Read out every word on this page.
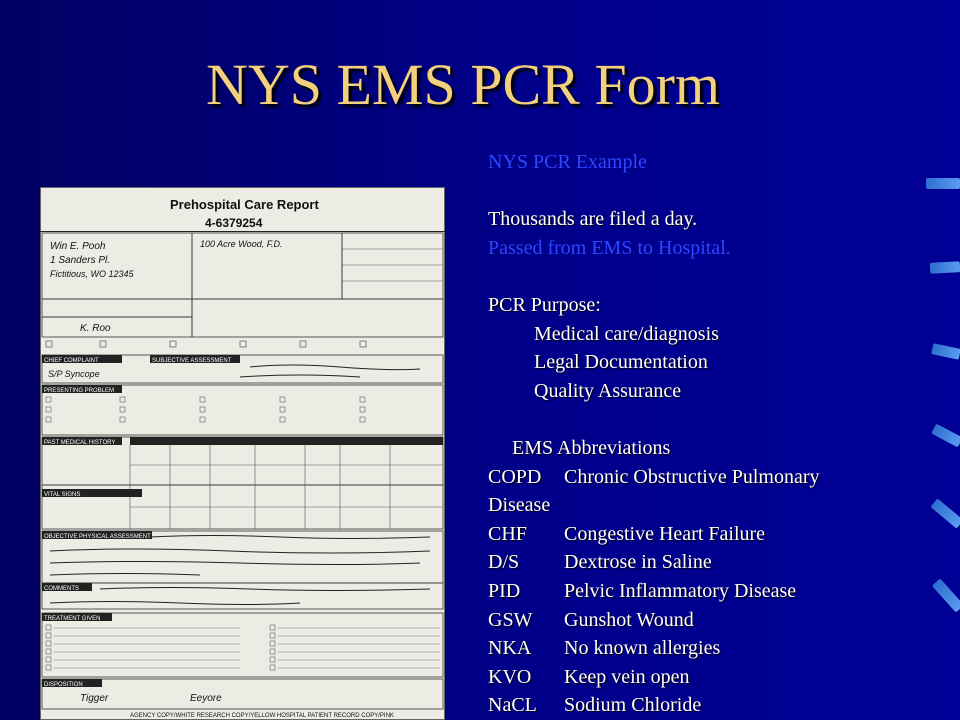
NYS EMS PCR Form
Prehospital Care Report
4-6379254
Win E. Pooh
1 Sanders Pl.
Fictitious, WO 12345
100 Acre Wood, F.D.
K. Roo
CHIEF COMPLAINT	SUBJECTIVE ASSESSMENT
S/P Syncope
PRESENTING PROBLEM
PAST MEDICAL HISTORY
VITAL SIGNS
OBJECTIVE PHYSICAL ASSESSMENT
COMMENTS
TREATMENT GIVEN
DISPOSITION
Tigger	Eeyore
AGENCY COPY/WHITE RESEARCH COPY/YELLOW HOSPITAL PATIENT RECORD COPY/PINK
NYS PCR Example
Thousands are filed a day.
Passed from EMS to Hospital.
PCR Purpose:
Medical care/diagnosis
Legal Documentation
Quality Assurance
EMS Abbreviations
COPD Chronic Obstructive Pulmonary
Disease
CHF Congestive Heart Failure
D/S Dextrose in Saline
PID Pelvic Inflammatory Disease
GSW Gunshot Wound
NKA No known allergies
KVO Keep vein open
NaCL Sodium Chloride
